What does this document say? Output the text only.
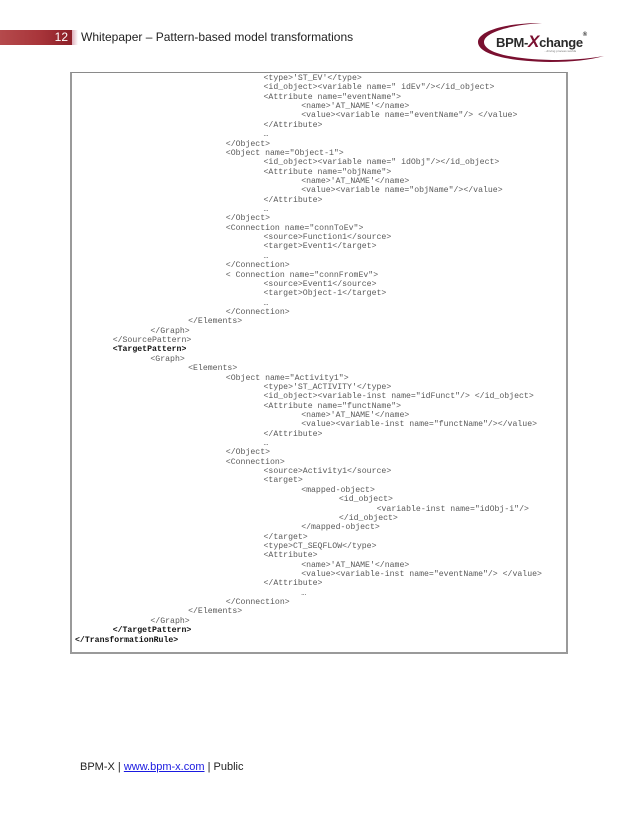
12 Whitepaper – Pattern-based model transformations	BPM-Xchange®
...driving process worlds
<type>'ST_EV'</type>
<id_object><variable name=" idEv"/></id_object>
<Attribute name="eventName">
<name>'AT_NAME'</name>
<value><variable name="eventName"/> </value>
</Attribute>
…
</Object>
<Object name="Object-1">
<id_object><variable name=" idObj"/></id_object>
<Attribute name="objName">
<name>'AT_NAME'</name>
<value><variable name="objName"/></value>
</Attribute>
…
</Object>
<Connection name="connToEv">
<source>Function1</source>
<target>Event1</target>
…
</Connection>
< Connection name="connFromEv">
<source>Event1</source>
<target>Object-1</target>
…
</Connection>
</Elements>
</Graph>
</SourcePattern>
<TargetPattern>
<Graph>
<Elements>
<Object name="Activity1">
<type>'ST_ACTIVITY'</type>
<id_object><variable-inst name="idFunct"/> </id_object>
<Attribute name="functName">
<name>'AT_NAME'</name>
<value><variable-inst name="functName"/></value>
</Attribute>
…
</Object>
<Connection>
<source>Activity1</source>
<target>
<mapped-object>
<id_object>
<variable-inst name="idObj-i"/>
</id_object>
</mapped-object>
</target>
<type>CT_SEQFLOW</type>
<Attribute>
<name>'AT_NAME'</name>
<value><variable-inst name="eventName"/> </value>
</Attribute>
…
</Connection>
</Elements>
</Graph>
</TargetPattern>
</TransformationRule>
BPM-X | www.bpm-x.com | Public
